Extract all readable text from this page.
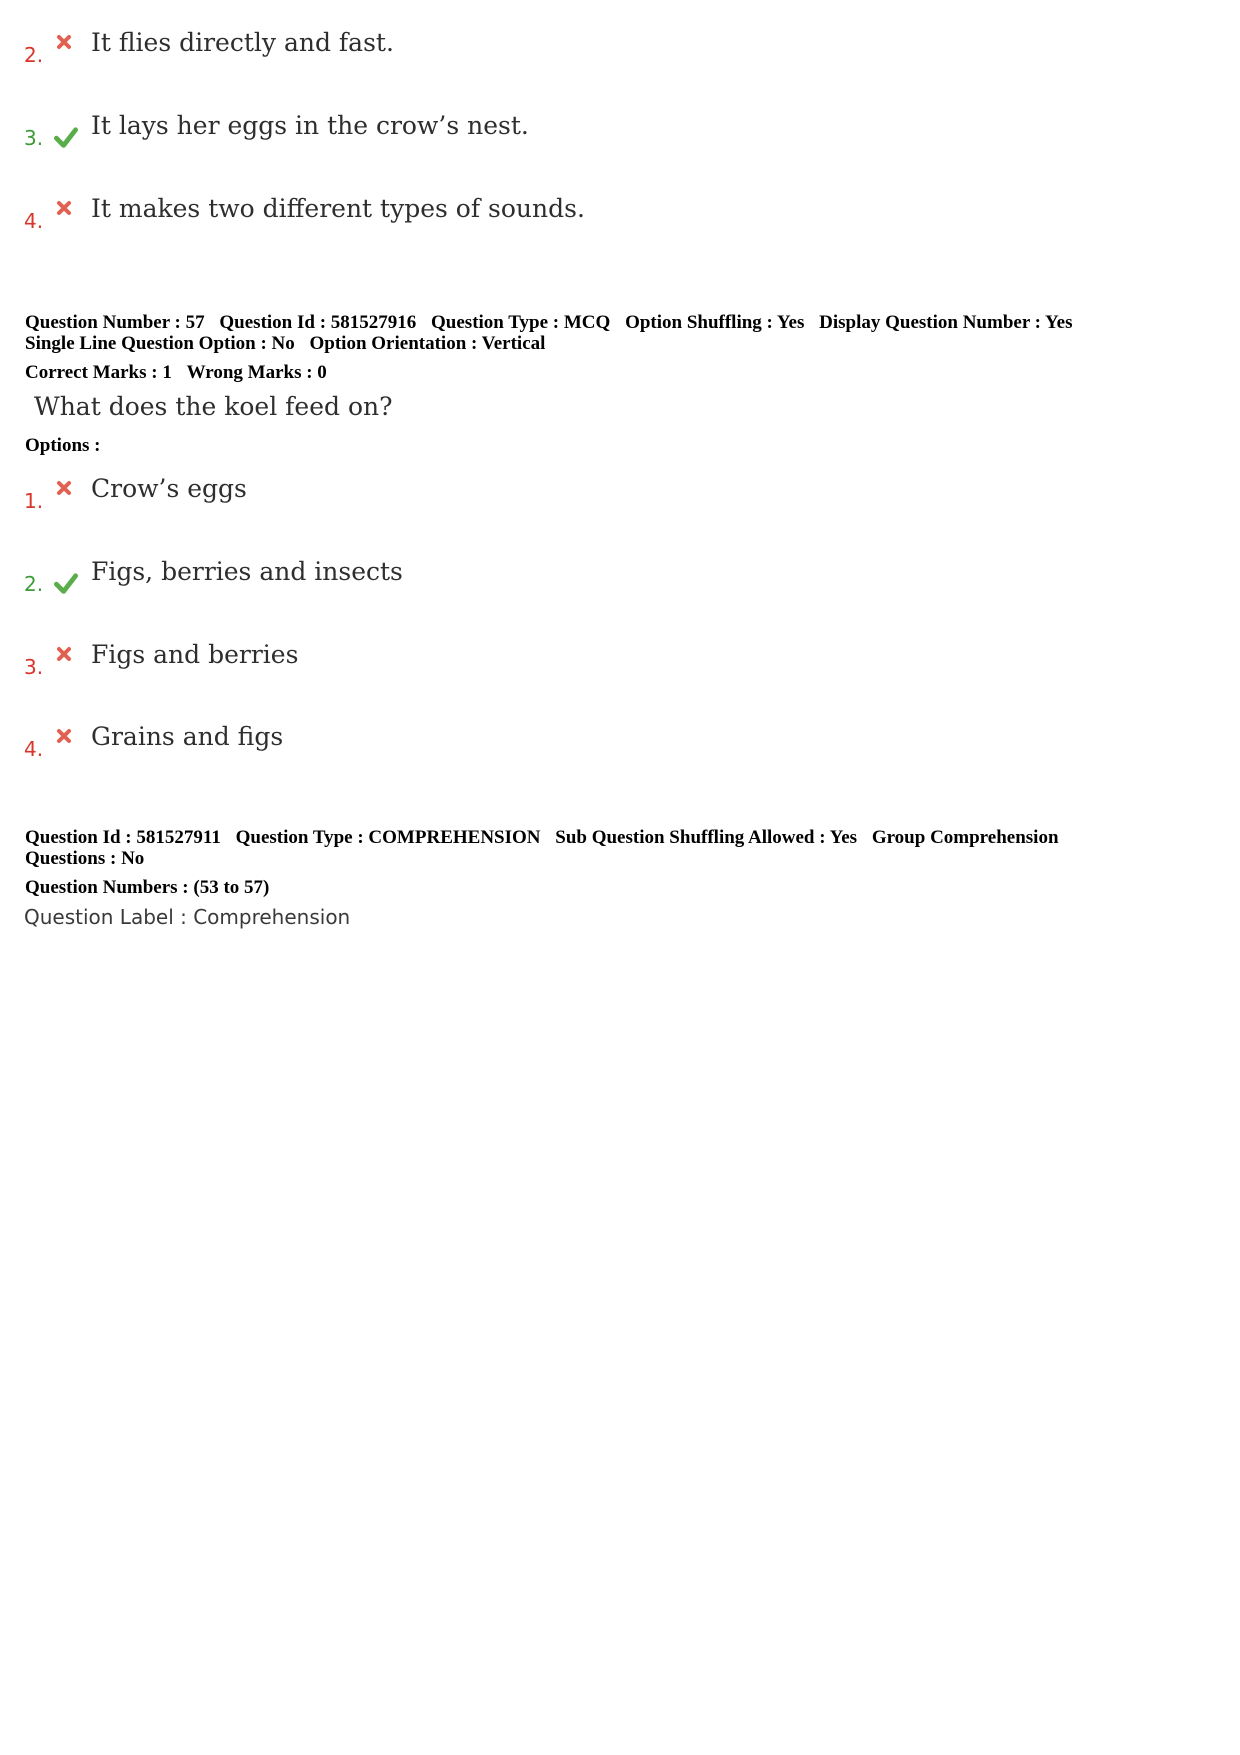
2. It flies directly and fast.
3. It lays her eggs in the crow’s nest.
4. It makes two different types of sounds.
Question Number : 57 Question Id : 581527916 Question Type : MCQ Option Shuffling : Yes Display Question Number : Yes
Single Line Question Option : No Option Orientation : Vertical
Correct Marks : 1 Wrong Marks : 0
What does the koel feed on?
Options :
1. Crow’s eggs
2. Figs, berries and insects
3. Figs and berries
4. Grains and figs
Question Id : 581527911 Question Type : COMPREHENSION Sub Question Shuffling Allowed : Yes Group Comprehension
Questions : No
Question Numbers : (53 to 57)
Question Label : Comprehension
